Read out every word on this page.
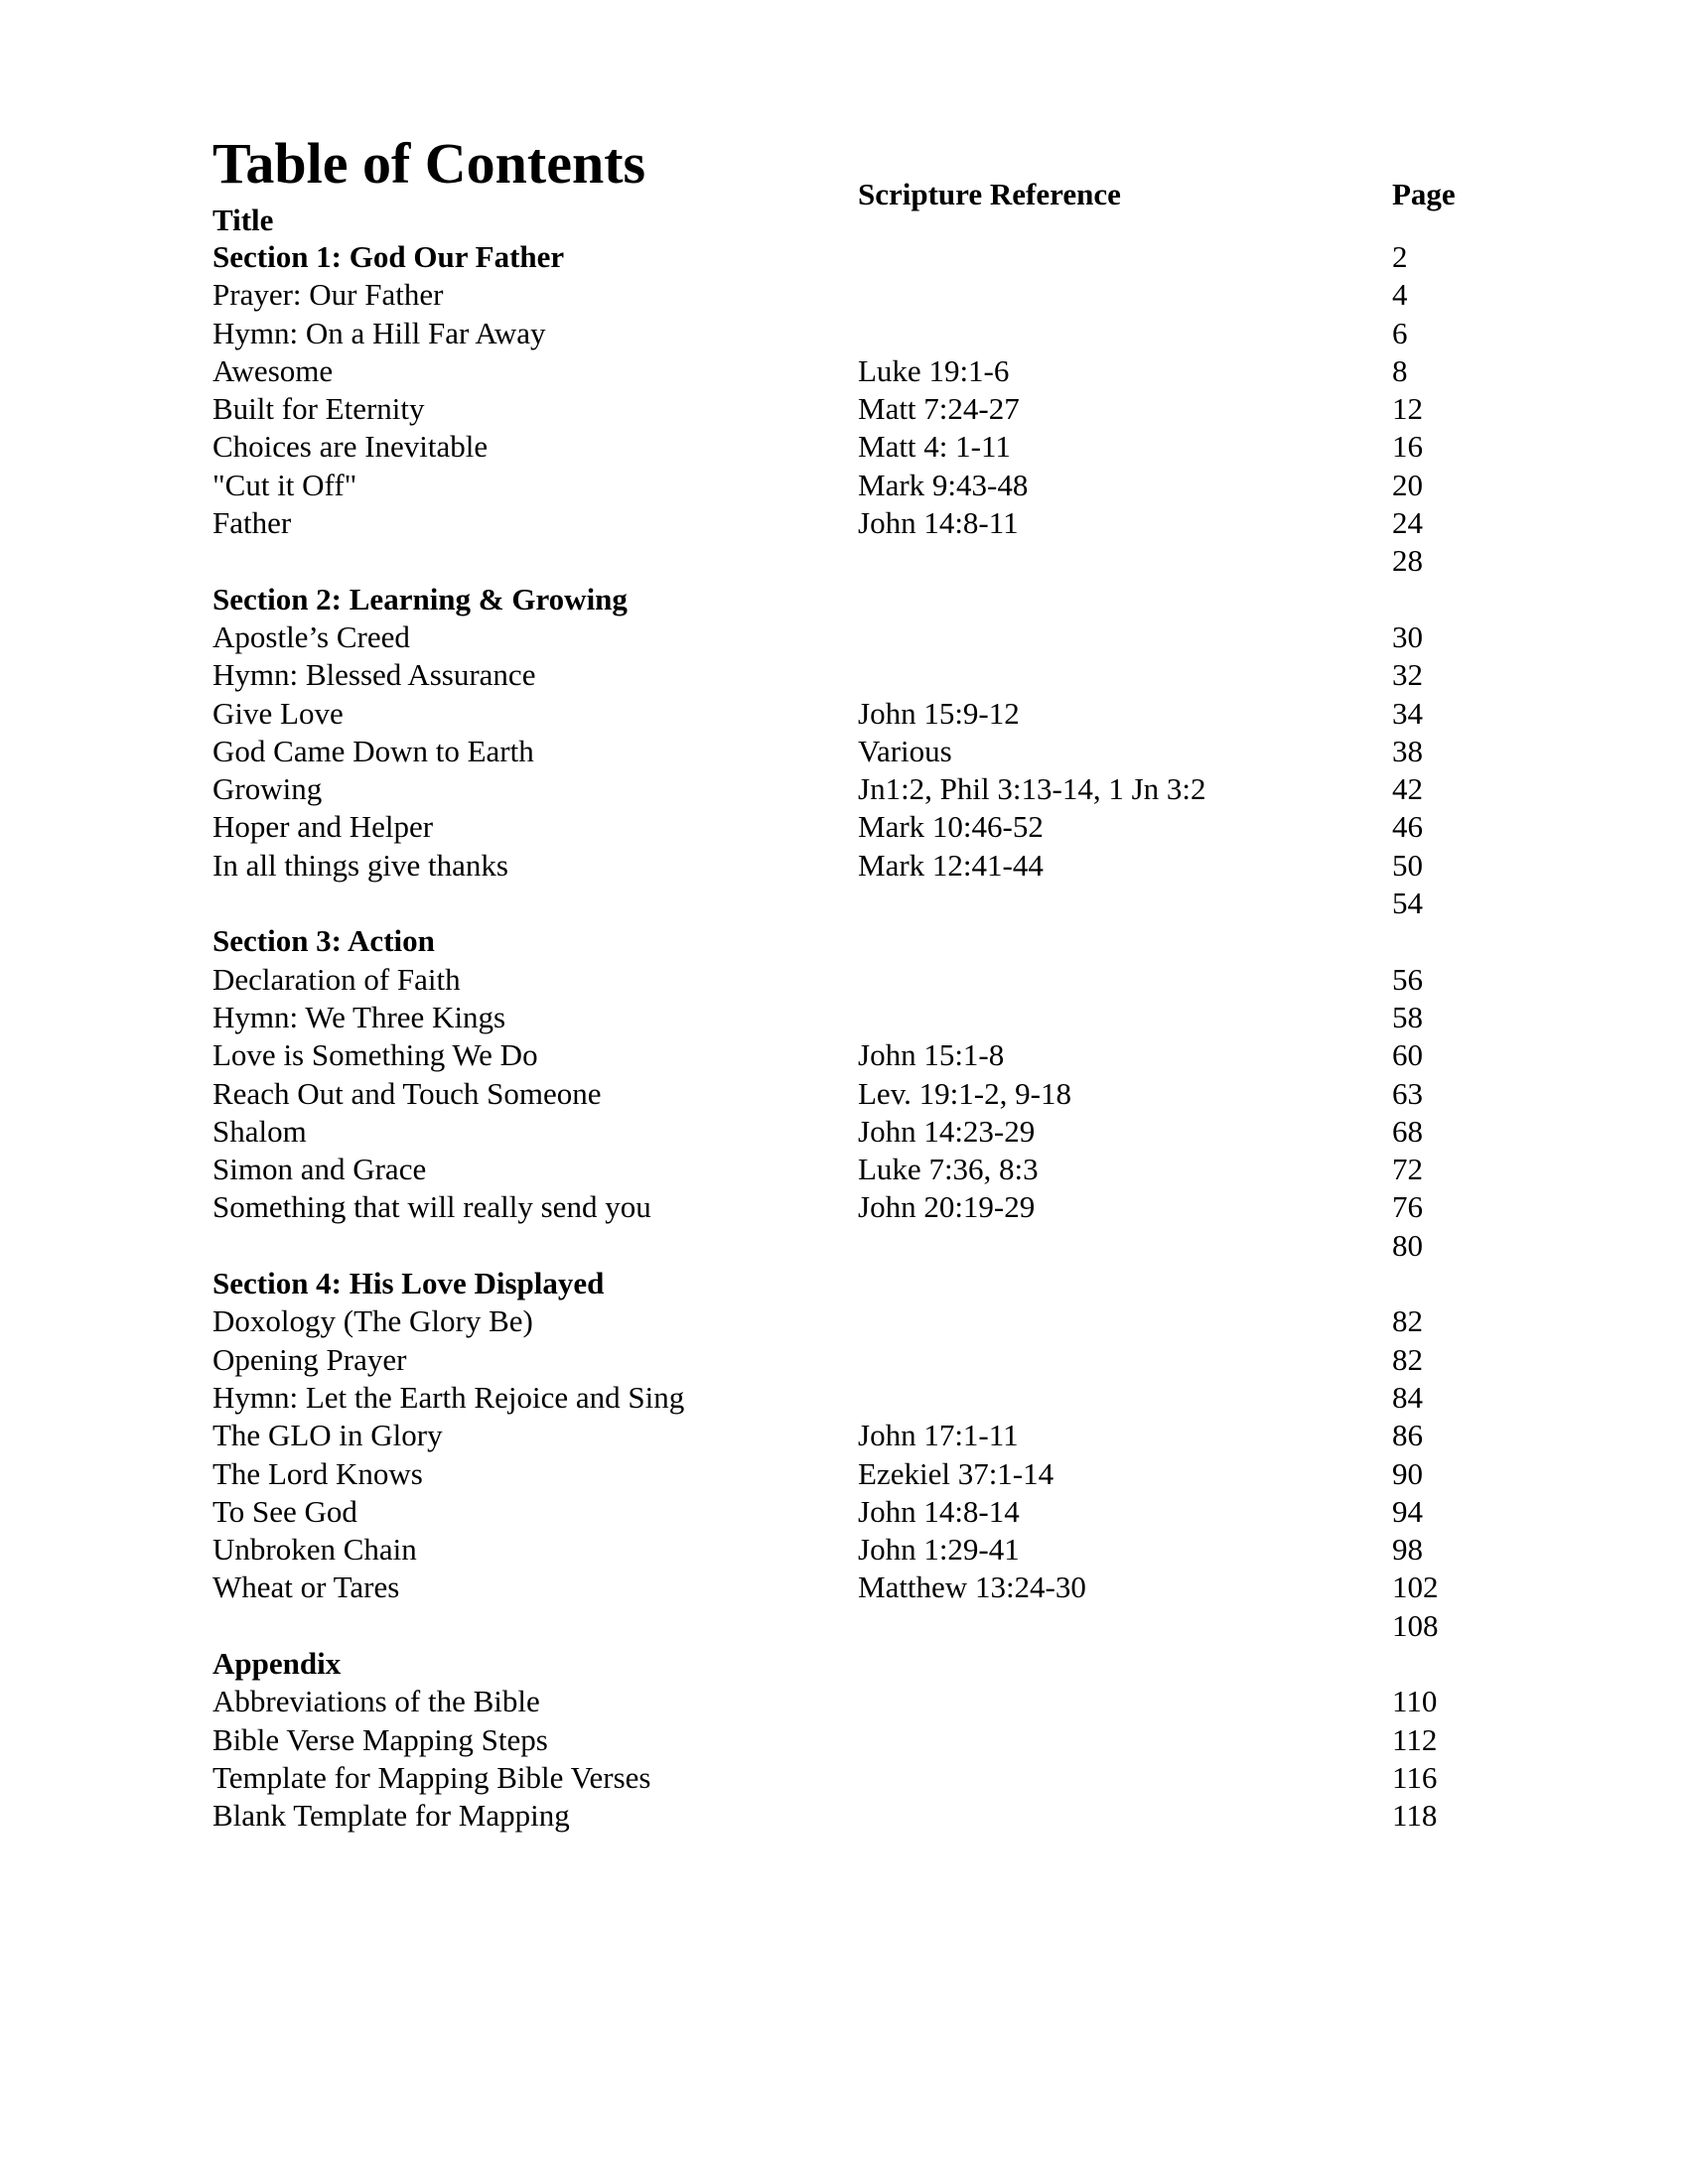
Table of Contents	Scripture Reference	Page
Title
Section 1: God Our Father	2
Prayer: Our Father	4
Hymn: On a Hill Far Away	6
Awesome	Luke 19:1-6	8
Built for Eternity	Matt 7:24-27	12
Choices are Inevitable	Matt 4: 1-11	16
"Cut it Off"	Mark 9:43-48	20
Father	John 14:8-11	24
28
Section 2: Learning & Growing
Apostle’s Creed	30
Hymn: Blessed Assurance	32
Give Love	John 15:9-12	34
God Came Down to Earth	Various	38
Growing	Jn1:2, Phil 3:13-14, 1 Jn 3:2	42
Hoper and Helper	Mark 10:46-52	46
In all things give thanks	Mark 12:41-44	50
54
Section 3: Action
Declaration of Faith	56
Hymn: We Three Kings	58
Love is Something We Do	John 15:1-8	60
Reach Out and Touch Someone	Lev. 19:1-2, 9-18	63
Shalom	John 14:23-29	68
Simon and Grace	Luke 7:36, 8:3	72
Something that will really send you	John 20:19-29	76
80
Section 4: His Love Displayed
Doxology (The Glory Be)	82
Opening Prayer	82
Hymn: Let the Earth Rejoice and Sing	84
The GLO in Glory	John 17:1-11	86
The Lord Knows	Ezekiel 37:1-14	90
To See God	John 14:8-14	94
Unbroken Chain	John 1:29-41	98
Wheat or Tares	Matthew 13:24-30	102
108
Appendix
Abbreviations of the Bible	110
Bible Verse Mapping Steps	112
Template for Mapping Bible Verses	116
Blank Template for Mapping	118
